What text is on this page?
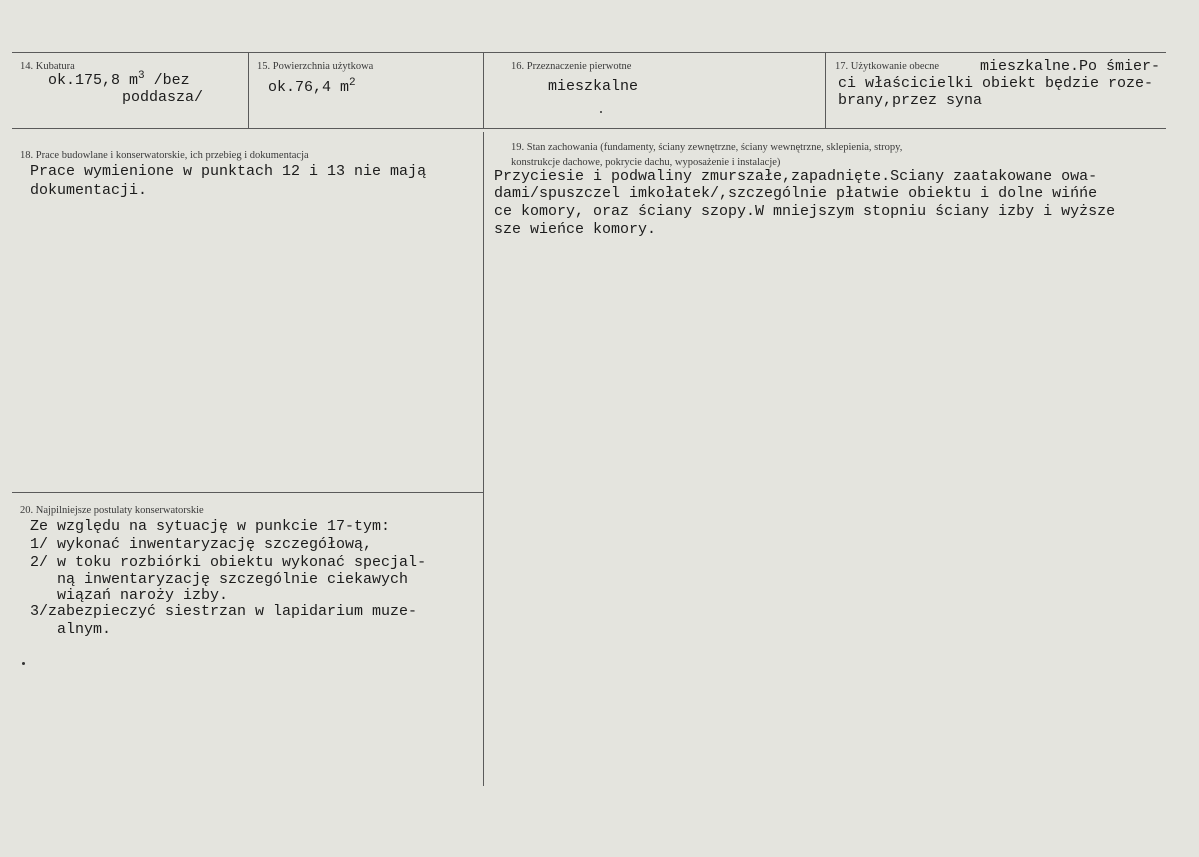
14. Kubatura
ok.175,8 $m^3$ /bez
poddasza/
15. Powierzchnia użytkowa
ok.76,4 $m^2$
16. Przeznaczenie pierwotne
mieszkalne
17. Użytkowanie obecne	mieszkalne.Po śmier-
ci właścicielki obiekt będzie roze-
brany,przez syna
18. Prace budowlane i konserwatorskie, ich przebieg i dokumentacja
Prace wymienione w punktach 12 i 13 nie mają
dokumentacji.
19. Stan zachowania (fundamenty, ściany zewnętrzne, ściany wewnętrzne, sklepienia, stropy,
konstrukcje dachowe, pokrycie dachu, wyposażenie i instalacje)
Przyciesie i podwaliny zmurszałe,zapadnięte.Sciany zaatakowane owa-
dami/spuszczel imkołatek/,szczególnie płatwie obiektu i dolne wińńe
ce komory, oraz ściany szopy.W mniejszym stopniu ściany izby i wyższe
sze wieńce komory.
20. Najpilniejsze postulaty konserwatorskie
Ze względu na sytuację w punkcie 17-tym:
1/ wykonać inwentaryzację szczegółową,
2/ w toku rozbiórki obiektu wykonać specjal-
ną inwentaryzację szczególnie ciekawych
wiązań naroży izby.
3/zabezpieczyć siestrzan w lapidarium muze-
alnym.
